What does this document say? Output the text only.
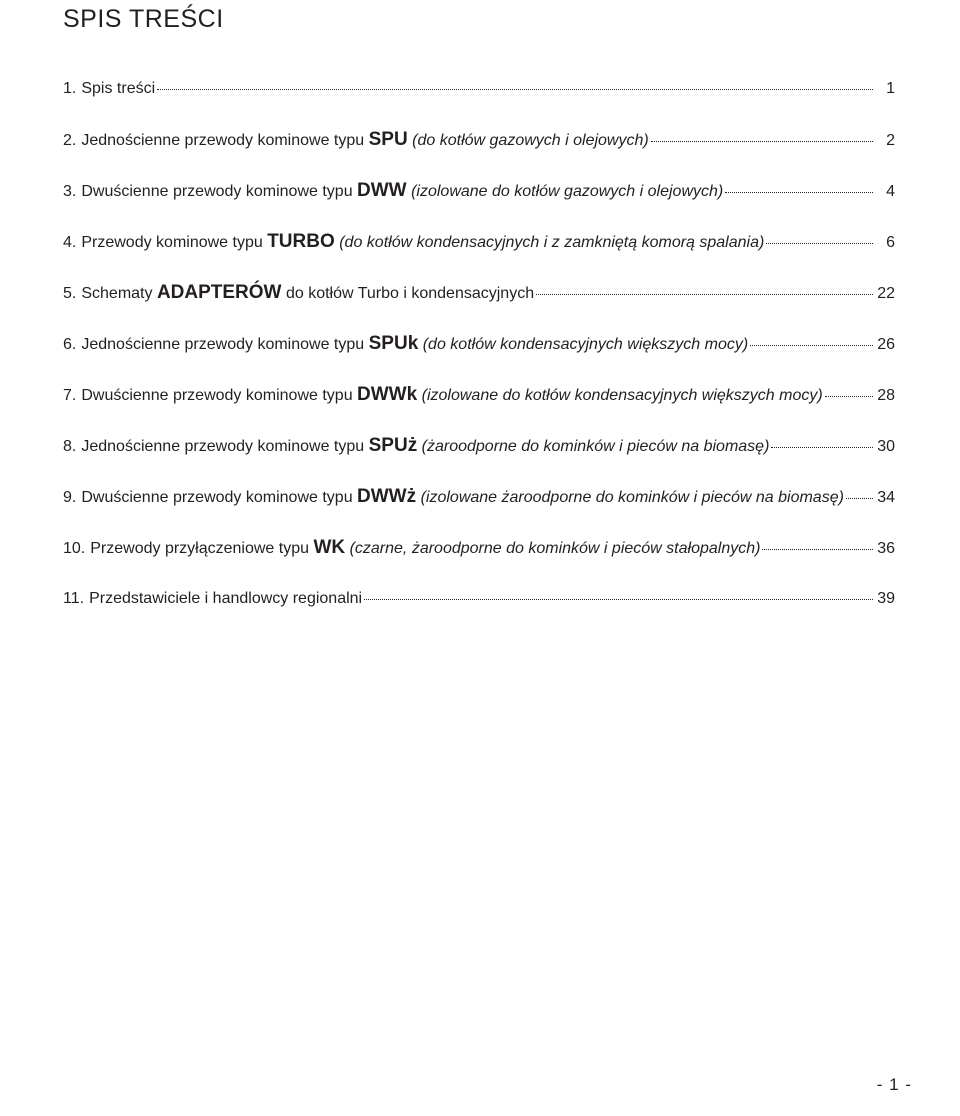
SPIS TREŚCI
1. Spis treści	1
2. Jednościenne przewody kominowe typu SPU (do kotłów gazowych i olejowych)	2
3. Dwuścienne przewody kominowe typu DWW (izolowane do kotłów gazowych i olejowych)	4
4. Przewody kominowe typu TURBO (do kotłów kondensacyjnych i z zamkniętą komorą spalania)	6
5. Schematy ADAPTERÓW do kotłów Turbo i kondensacyjnych	22
6. Jednościenne przewody kominowe typu SPUk (do kotłów kondensacyjnych większych mocy)	26
7. Dwuścienne przewody kominowe typu DWWk (izolowane do kotłów kondensacyjnych większych mocy)	28
8. Jednościenne przewody kominowe typu SPUż (żaroodporne do kominków i pieców na biomasę)	30
9. Dwuścienne przewody kominowe typu DWWż (izolowane żaroodporne do kominków i pieców na biomasę) 34
10. Przewody przyłączeniowe typu WK (czarne, żaroodporne do kominków i pieców stałopalnych)	36
11. Przedstawiciele i handlowcy regionalni	39
- 1 -
